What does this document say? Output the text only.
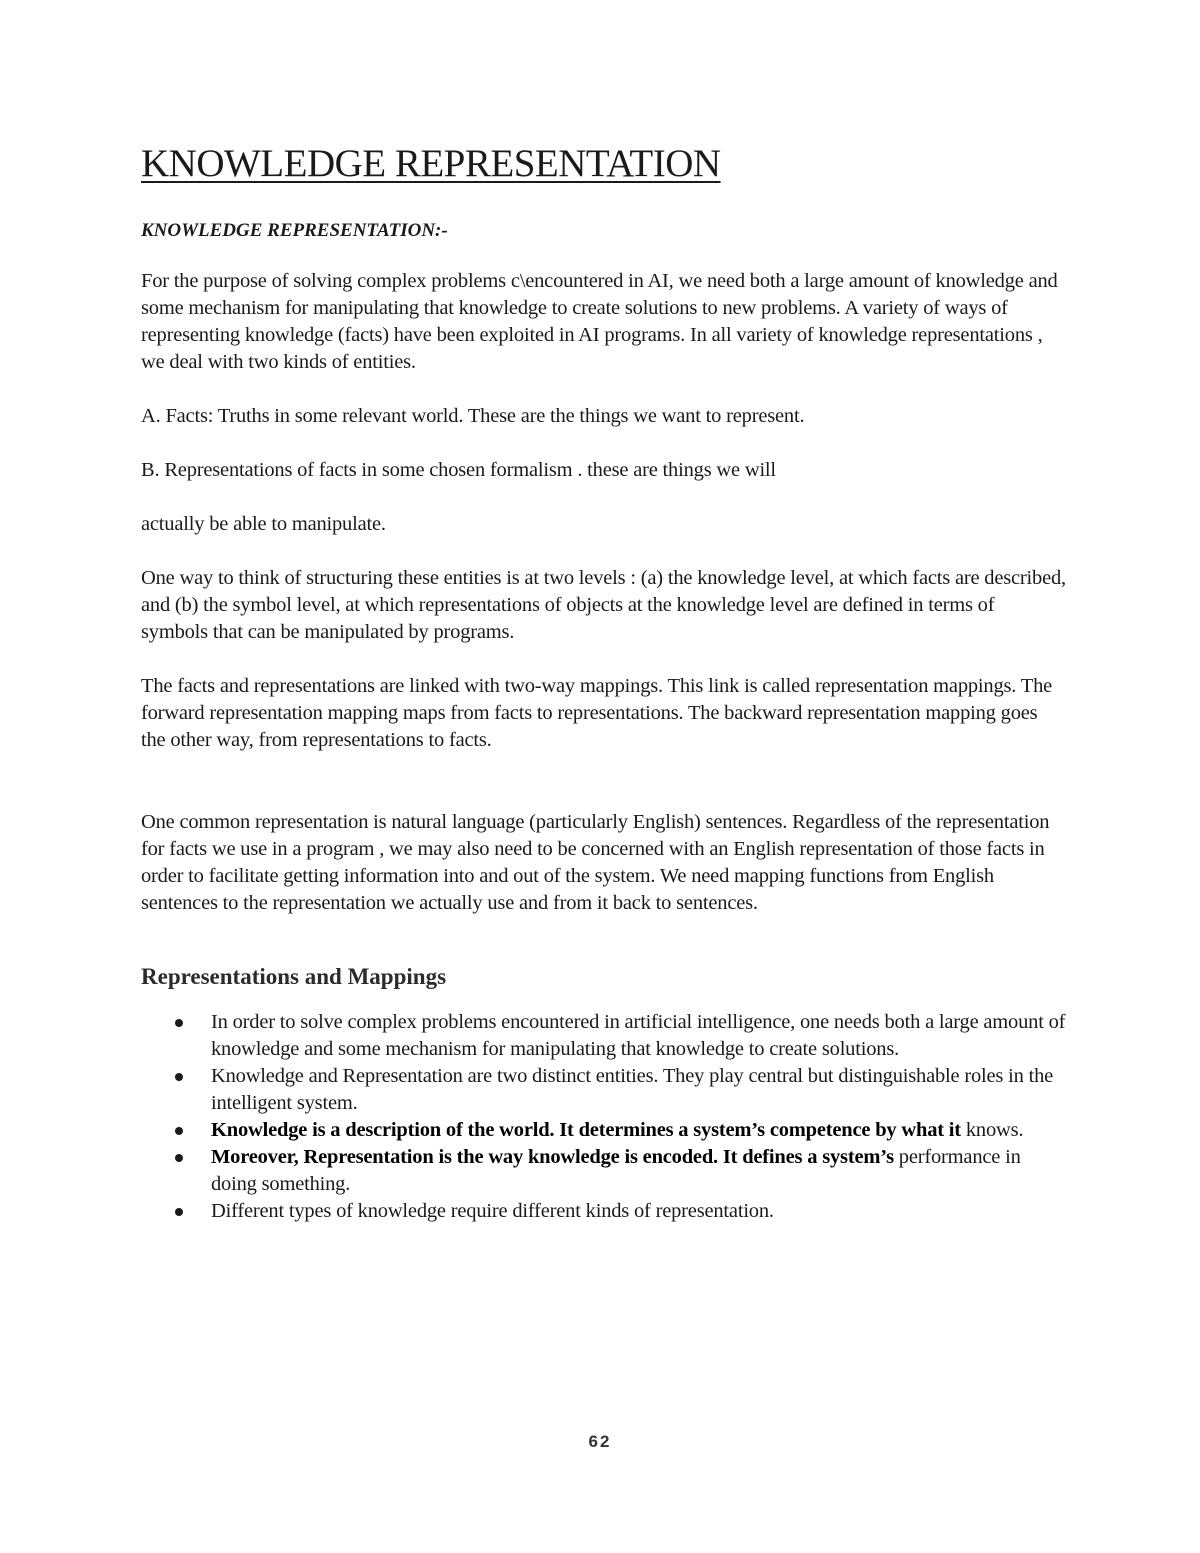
KNOWLEDGE REPRESENTATION
KNOWLEDGE REPRESENTATION:-

For the purpose of solving complex problems c\encountered in AI, we need both a large amount of knowledge and some mechanism for manipulating that knowledge to create solutions to new problems. A variety of ways of representing knowledge (facts) have been exploited in AI programs. In all variety of knowledge representations , we deal with two kinds of entities.

A. Facts: Truths in some relevant world. These are the things we want to represent.

B. Representations of facts in some chosen formalism . these are things we will

actually be able to manipulate.

One way to think of structuring these entities is at two levels : (a) the knowledge level, at which facts are described, and (b) the symbol level, at which representations of objects at the knowledge level are defined in terms of symbols that can be manipulated by programs.

The facts and representations are linked with two-way mappings. This link is called representation mappings. The forward representation mapping maps from facts to representations. The backward representation mapping goes the other way, from representations to facts.

One common representation is natural language (particularly English) sentences. Regardless of the representation for facts we use in a program , we may also need to be concerned with an English representation of those facts in order to facilitate getting information into and out of the system. We need mapping functions from English sentences to the representation we actually use and from it back to sentences.

Representations and Mappings
In order to solve complex problems encountered in artificial intelligence, one needs both a large amount of knowledge and some mechanism for manipulating that knowledge to create solutions.
Knowledge and Representation are two distinct entities. They play central but distinguishable roles in the intelligent system.
Knowledge is a description of the world. It determines a system’s competence by what it knows.
Moreover, Representation is the way knowledge is encoded. It defines a system’s performance in doing something.
Different types of knowledge require different kinds of representation.
62
